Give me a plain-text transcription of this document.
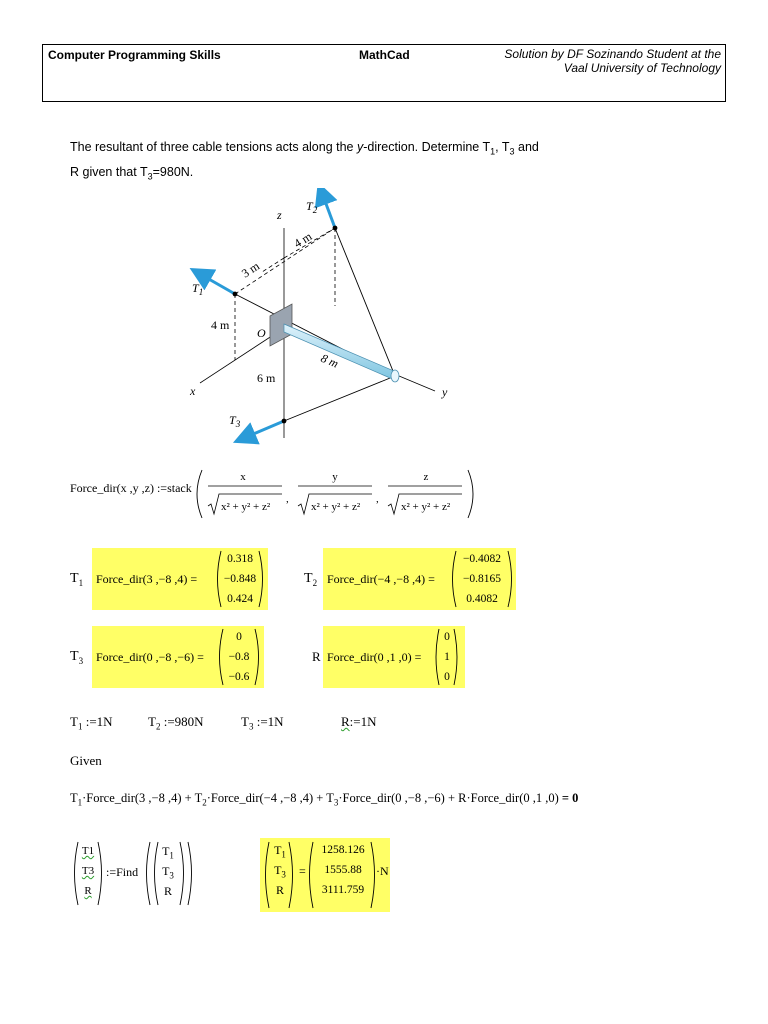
Computer Programming Skills	MathCad	Solution by DF Sozinando Student at the
Vaal University of Technology
The resultant of three cable tensions acts along the y-direction. Determine $T_1$, $T_3$ and
R given that $T_3=980N$.
z
x	y
O
$T_1$
$T_2$
$T_3$
3 m
4 m
4 m
6 m
8 m
Force_dir(x ,y ,z) :=stack
x	y	z
,	,
x² + y² + z²	x² + y² + z²	x² + y² + z²
$T_1$ Force_dir(3 ,−8 ,4) =
0.318
−0.848
0.424
$T_2$ Force_dir(−4 ,−8 ,4) =
−0.4082
−0.8165
0.4082
$T_3$ Force_dir(0 ,−8 ,−6) =
0
−0.8
−0.6
R Force_dir(0 ,1 ,0) =
0
1
0
$T_1$ :=1N	$T_2$ :=980N	$T_3$ :=1N	R:=1N
Given
$T_1\cdot Force\_dir(3$ ,−8 $,4) + T_2\cdot Force\_dir(-4$ ,−8 $,4) + T_3\cdot Force\_dir(0$ ,−8 ,−6) + R·Force_dir(0 ,1 ,0) = 0
T1
T3
R
:=Find
$T_1$
$T_3$
R
$T_1$
$T_3$
R
=
1258.126
1555.88
3111.759
·N
